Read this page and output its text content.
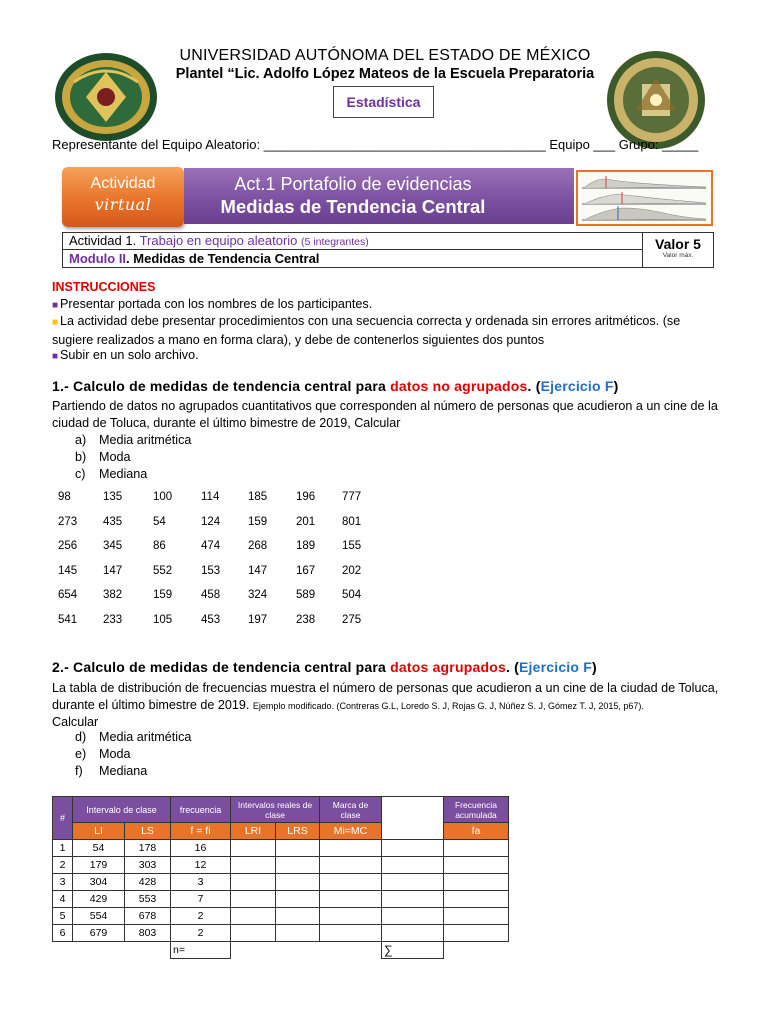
UNIVERSIDAD AUTÓNOMA DEL ESTADO DE MÉXICO
Plantel “Lic. Adolfo López Mateos de la Escuela Preparatoria
Estadística
Representante del Equipo Aleatorio: _______________________________________ Equipo ___ Grupo: _____
Actividad
virtual
Act.1 Portafolio de evidencias
Medidas de Tendencia Central
Actividad 1. Trabajo en equipo aleatorio (5 integrantes)
Modulo II. Medidas de Tendencia Central
Valor 5
Valor máx.
INSTRUCCIONES
■ Presentar portada con los nombres de los participantes.
■ La actividad debe presentar procedimientos con una secuencia correcta y ordenada sin errores aritméticos. (se sugiere realizados a mano en forma clara), y debe de contenerlos siguientes dos puntos
■ Subir en un solo archivo.
1.- Calculo de medidas de tendencia central para datos no agrupados. (Ejercicio F)
Partiendo de datos no agrupados cuantitativos que corresponden al número de personas que acudieron a un cine de la ciudad de Toluca, durante el último bimestre de 2019, Calcular
a)	Media aritmética
b)	Moda
c)	Mediana
98	135	100	114 185	196 777
273 435	54	124 159	201 801
256 345	86	474 268	189 155
145 147	552	153 147	167 202
654 382	159	458 324	589 504
541 233	105	453 197	238 275
2.- Calculo de medidas de tendencia central para datos agrupados. (Ejercicio F)
La tabla de distribución de frecuencias muestra el número de personas que acudieron a un cine de la ciudad de Toluca, durante el último bimestre de 2019. Ejemplo modificado. (Contreras G.L, Loredo S. J, Rojas G. J, Núñez S. J, Gómez T. J, 2015, p67).
Calcular
d)	Media aritmética
e)	Moda
f)	Mediana
#	Intervalo de clase		frecuencia	Intervalos reales de clase		Marca de clase		Frecuencia acumulada
	LI	LS	f = fi	LRI	LRS	Mi=MC		fa
1	54	178	16					
2	179	303	12					
3	304	428	3					
4	429	553	7					
5	554	678	2					
6	679	803	2					
			n=				∑	
